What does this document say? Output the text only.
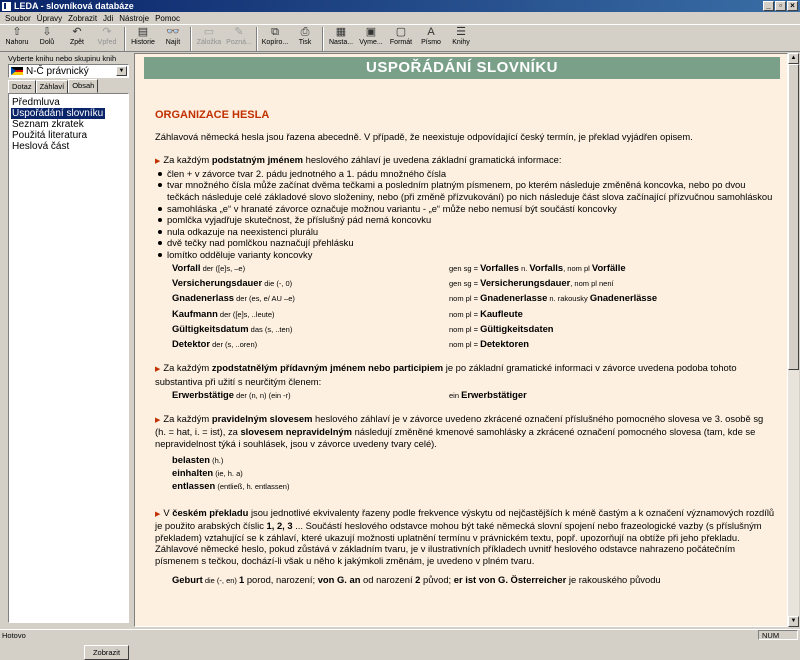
LEDA - slovníková databáze	_	▫	×
Soubor Úpravy Zobrazit Jdi Nástroje Pomoc
⇧
Nahoru
⇩
Dolů
↶
Zpět
↷
Vpřed
▤
Historie
👓
Najít
▭
Záložka
✎
Pozná...
⧉
Kopíro...
⎙
Tisk
▦
Nasta...
▣
Vyme...
▢
Formát
A
Písmo
☰
Knihy
Vyberte knihu nebo skupinu knih
N-Č právnický	▼
Dotaz	Záhlaví	Obsah
Předmluva
Uspořádání slovníku
Seznam zkratek
Použitá literatura
Heslová část
Zobrazit
USPOŘÁDÁNÍ SLOVNÍKU
ORGANIZACE HESLA
Záhlavová německá hesla jsou řazena abecedně. V případě, že neexistuje odpovídající český termín, je překlad vyjádřen opisem.
▶ Za každým podstatným jménem heslového záhlaví je uvedena základní gramatická informace:
člen + v závorce tvar 2. pádu jednotného a 1. pádu množného čísla
tvar množného čísla může začínat dvěma tečkami a posledním platným písmenem, po kterém následuje změněná koncovka, nebo po dvou tečkách následuje celé základové slovo složeniny, nebo (při změně přízvukování) po nich následuje část slova začínající přízvučnou samohláskou
samohláska „e“ v hranaté závorce označuje možnou variantu - „e“ může nebo nemusí být součástí koncovky
pomlčka vyjadřuje skutečnost, že příslušný pád nemá koncovku
nula odkazuje na neexistenci plurálu
dvě tečky nad pomlčkou naznačují přehlásku
lomítko odděluje varianty koncovky
Vorfall der ([e]s, –e)	gen sg = Vorfalles n. Vorfalls, nom pl Vorfälle
Versicherungsdauer die (-, 0)	gen sg = Versicherungsdauer, nom pl není
Gnadenerlass der (es, e/ AU –e)	nom pl = Gnadenerlasse n. rakousky Gnadenerlässe
Kaufmann der ([e]s, ..leute)	nom pl = Kaufleute
Gültigkeitsdatum das (s, ..ten)	nom pl = Gültigkeitsdaten
Detektor der (s, ..oren)	nom pl = Detektoren
▶ Za každým zpodstatnělým přídavným jménem nebo participiem je po základní gramatické informaci v závorce uvedena podoba tohoto substantiva při užití s neurčitým členem:
Erwerbstätige der (n, n) (ein -r)	ein Erwerbstätiger
▶ Za každým pravidelným slovesem heslového záhlaví je v závorce uvedeno zkrácené označení příslušného pomocného slovesa ve 3. osobě sg (h. = hat, i. = ist), za slovesem nepravidelným následují změněné kmenové samohlásky a zkrácené označení pomocného slovesa (tam, kde se nepravidelnost týká i souhlásek, jsou v závorce uvedeny tvary celé).
belasten (h.)
einhalten (ie, h. a)
entlassen (entließ, h. entlassen)
▶ V českém překladu jsou jednotlivé ekvivalenty řazeny podle frekvence výskytu od nejčastějších k méně častým a k označení významových rozdílů je použito arabských číslic 1, 2, 3 ... Součástí heslového odstavce mohou být také německá slovní spojení nebo frazeologické vazby (s příslušným překladem) vztahující se k záhlaví, které ukazují možnosti uplatnění termínu v právnickém textu, popř. upozorňují na obtíže při jeho překladu. Záhlavové německé heslo, pokud zůstává v základním tvaru, je v ilustrativních příkladech uvnitř heslového odstavce nahrazeno počátečním písmenem s tečkou, dochází-li však u něho k jakýmkoli změnám, je uvedeno v plném tvaru.
Geburt die (-, en) 1 porod, narození; von G. an od narození 2 původ; er ist von G. Österreicher je rakouského původu
▲
▼
Hotovo	NUM
